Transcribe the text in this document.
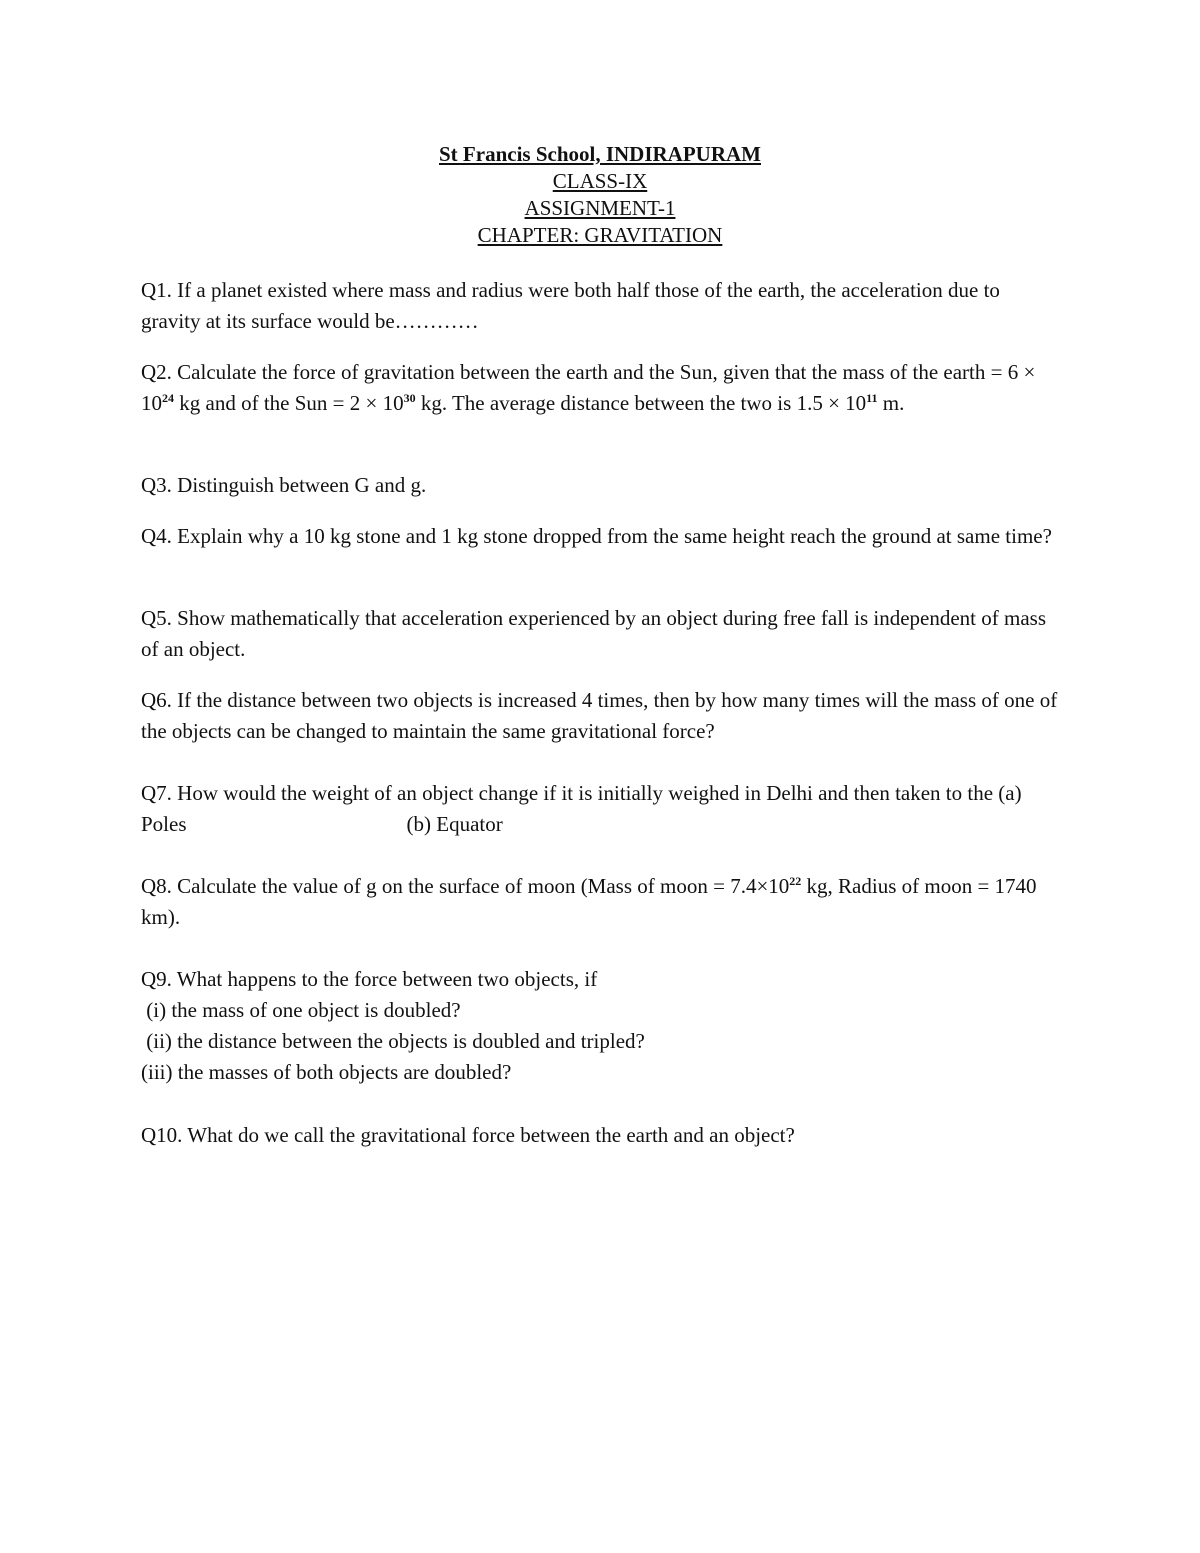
St Francis School, INDIRAPURAM
CLASS-IX
ASSIGNMENT-1
CHAPTER: GRAVITATION

Q1. If a planet existed where mass and radius were both half those of the earth, the acceleration due to gravity at its surface would be…………

Q2. Calculate the force of gravitation between the earth and the Sun, given that the mass of the earth = $6 \times 10^{24}$ kg and of the Sun = $2 \times 10^{30}$ kg. The average distance between the two is $1.5 \times 10^{11}$ m.

Q3. Distinguish between G and g.

Q4. Explain why a 10 kg stone and 1 kg stone dropped from the same height reach the ground at same time?

Q5. Show mathematically that acceleration experienced by an object during free fall is independent of mass of an object.

Q6. If the distance between two objects is increased 4 times, then by how many times will the mass of one of the objects can be changed to maintain the same gravitational force?

Q7. How would the weight of an object change if it is initially weighed in Delhi and then taken to the (a) Poles	(b) Equator

Q8. Calculate the value of g on the surface of moon (Mass of moon = $7.4\times 10^{22}$ kg, Radius of moon = 1740 km).

Q9. What happens to the force between two objects, if
(i) the mass of one object is doubled?
(ii) the distance between the objects is doubled and tripled?
(iii) the masses of both objects are doubled?

Q10. What do we call the gravitational force between the earth and an object?
